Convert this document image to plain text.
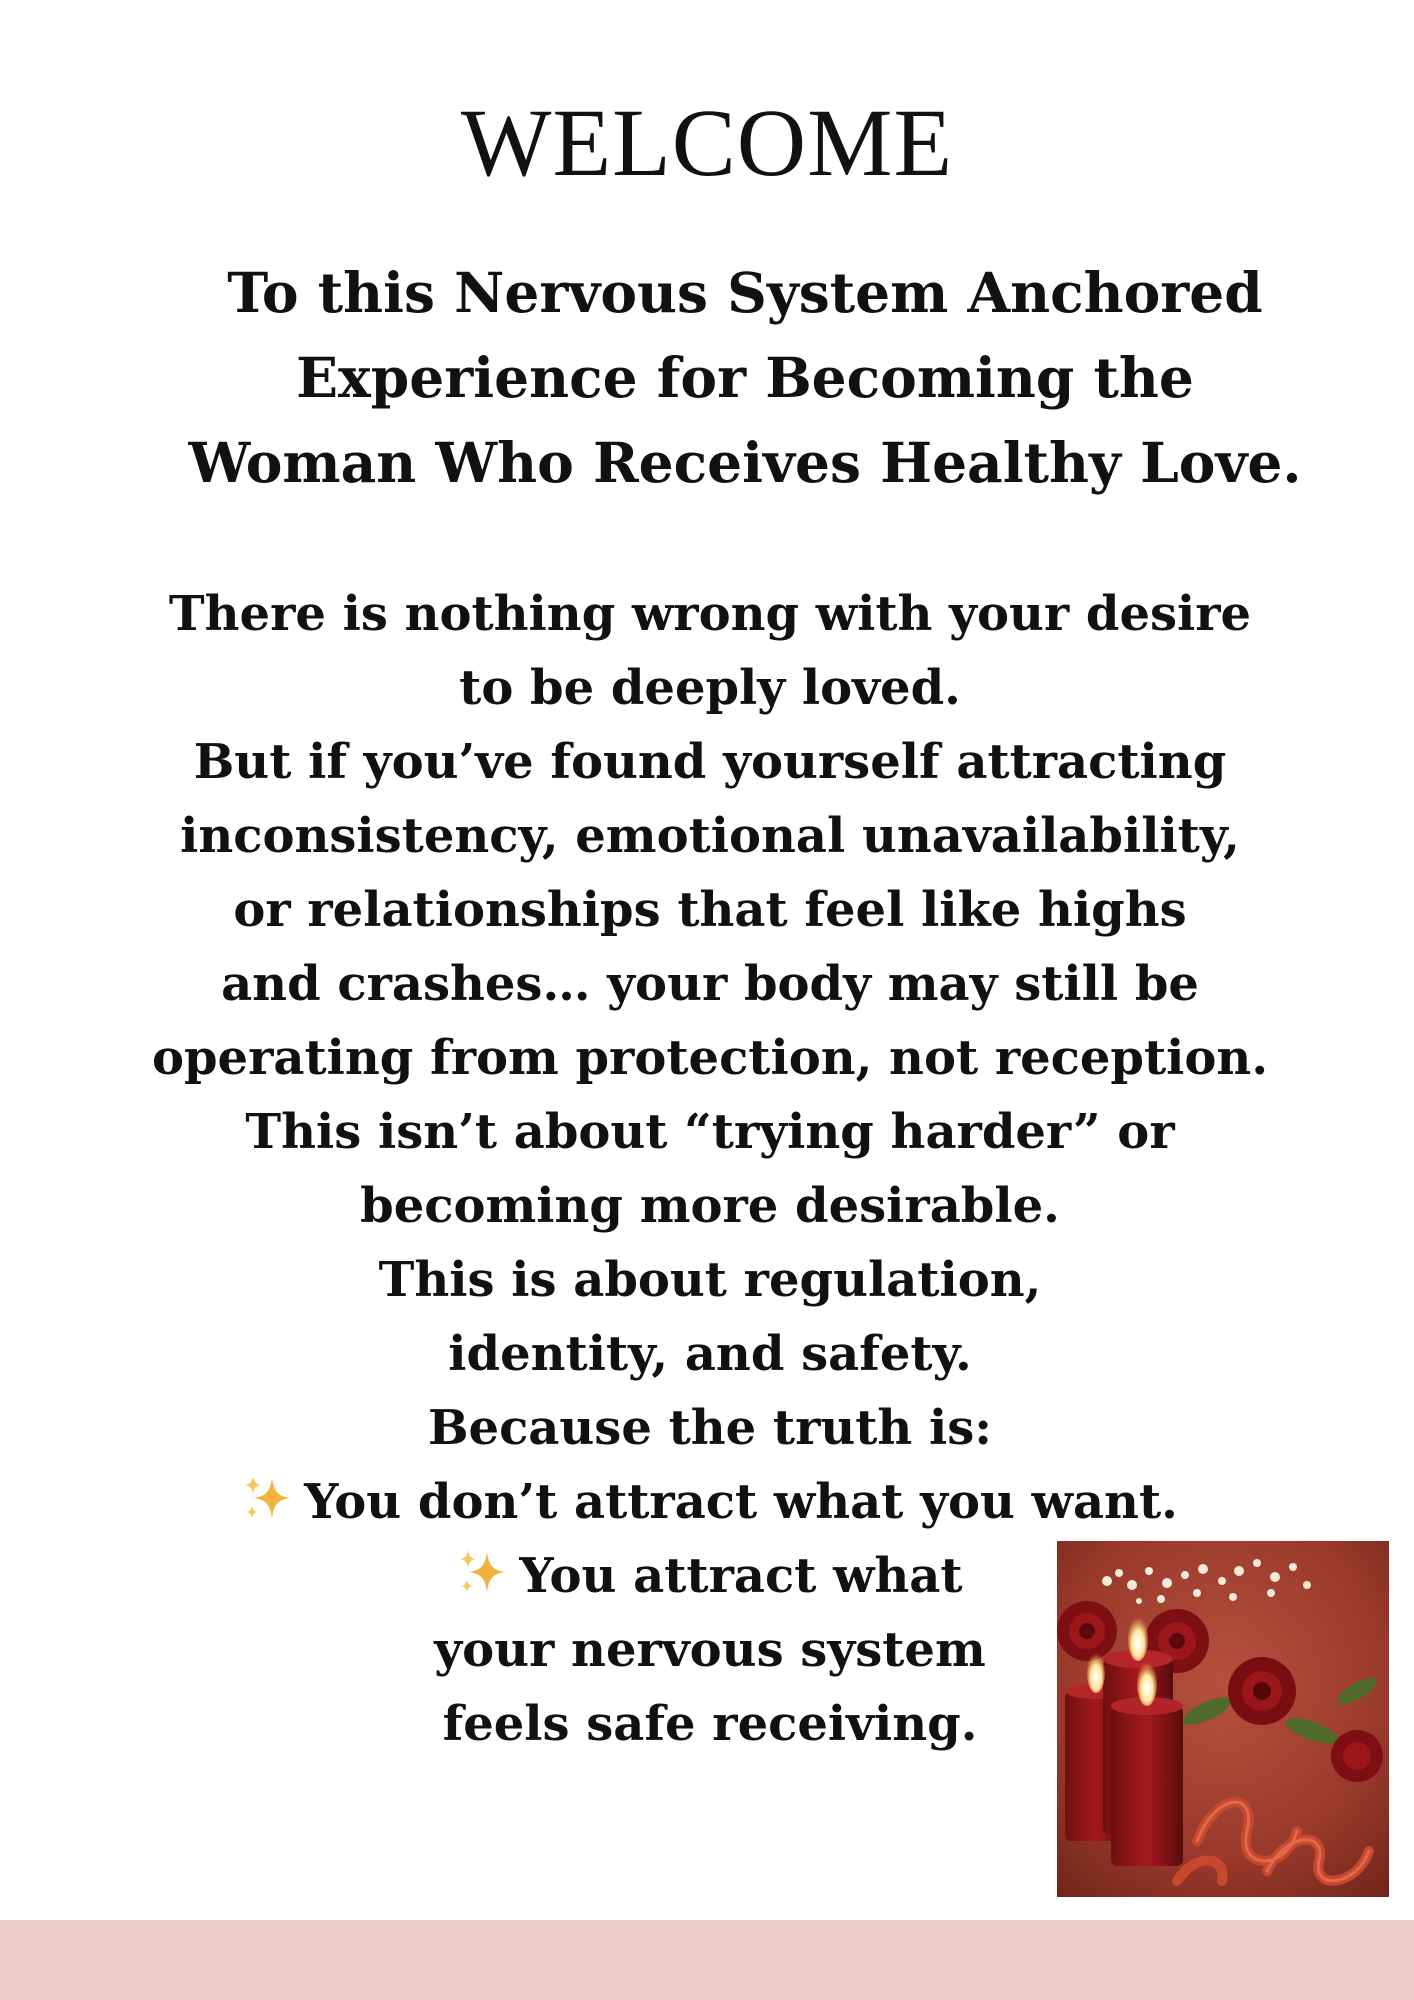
WELCOME
To this Nervous System Anchored
Experience for Becoming the
Woman Who Receives Healthy Love.
There is nothing wrong with your desire
to be deeply loved.
But if you’ve found yourself attracting
inconsistency, emotional unavailability,
or relationships that feel like highs
and crashes… your body may still be
operating from protection, not reception.
This isn’t about “trying harder” or
becoming more desirable.
This is about regulation,
identity, and safety.
Because the truth is:
You don’t attract what you want.
You attract what
your nervous system
feels safe receiving.
